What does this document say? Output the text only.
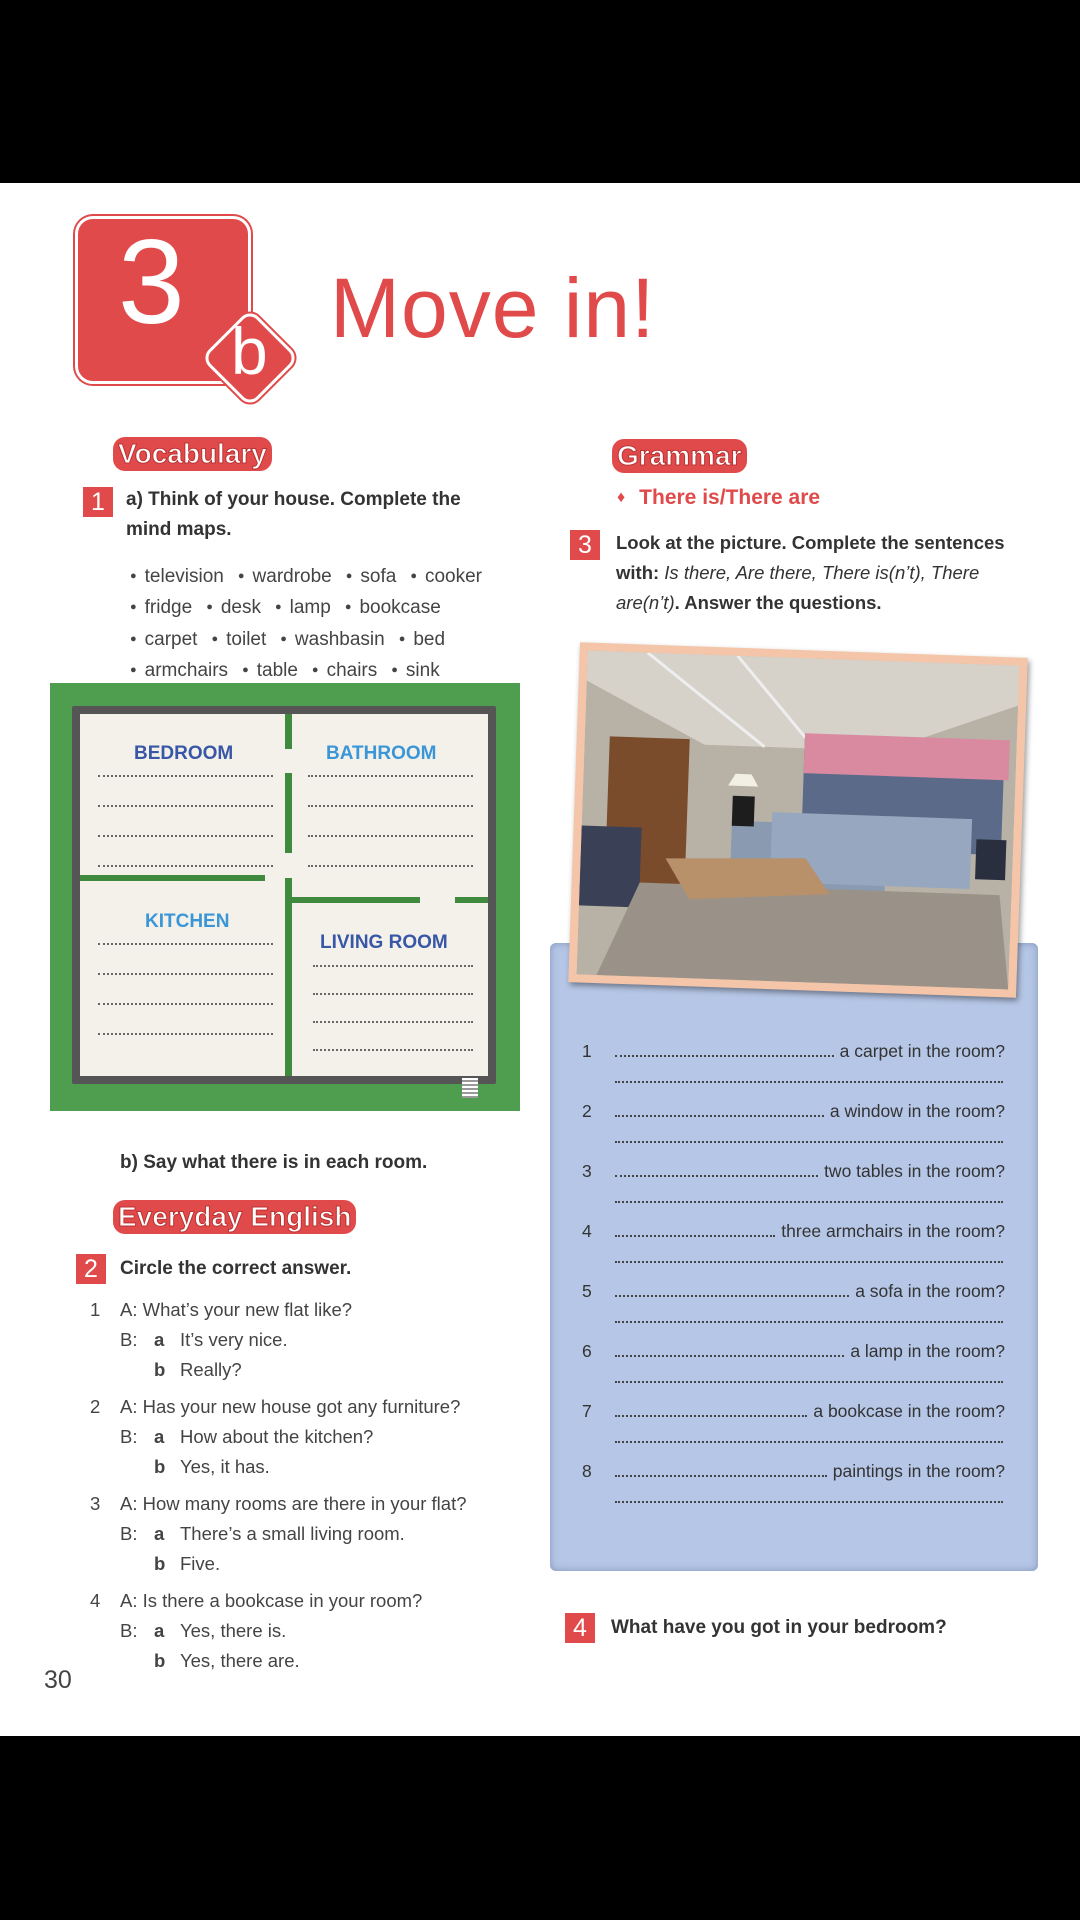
3
b Move in!
Vocabulary
1	a) Think of your house. Complete the
mind maps.
● television ● wardrobe ● sofa ● cooker
● fridge ● desk ● lamp ● bookcase
● carpet ● toilet ● washbasin ● bed
● armchairs ● table ● chairs ● sink
BEDROOM	BATHROOM
KITCHEN
LIVING ROOM
b) Say what there is in each room.
Everyday English
2	Circle the correct answer.
1 A: What’s your new flat like?
B: a It’s very nice.
b Really?
2 A: Has your new house got any furniture?
B: a How about the kitchen?
b Yes, it has.
3 A: How many rooms are there in your flat?
B: a There’s a small living room.
b Five.
4 A: Is there a bookcase in your room?
B: a Yes, there is.
b Yes, there are.
30
Grammar
♦ There is/There are
3	Look at the picture. Complete the sentences
with: Is there, Are there, There is(n’t), There
are(n’t). Answer the questions.
1	a carpet in the room?
2	a window in the room?
3	two tables in the room?
4	three armchairs in the room?
5	a sofa in the room?
6	a lamp in the room?
7	a bookcase in the room?
8	paintings in the room?
4	What have you got in your bedroom?
